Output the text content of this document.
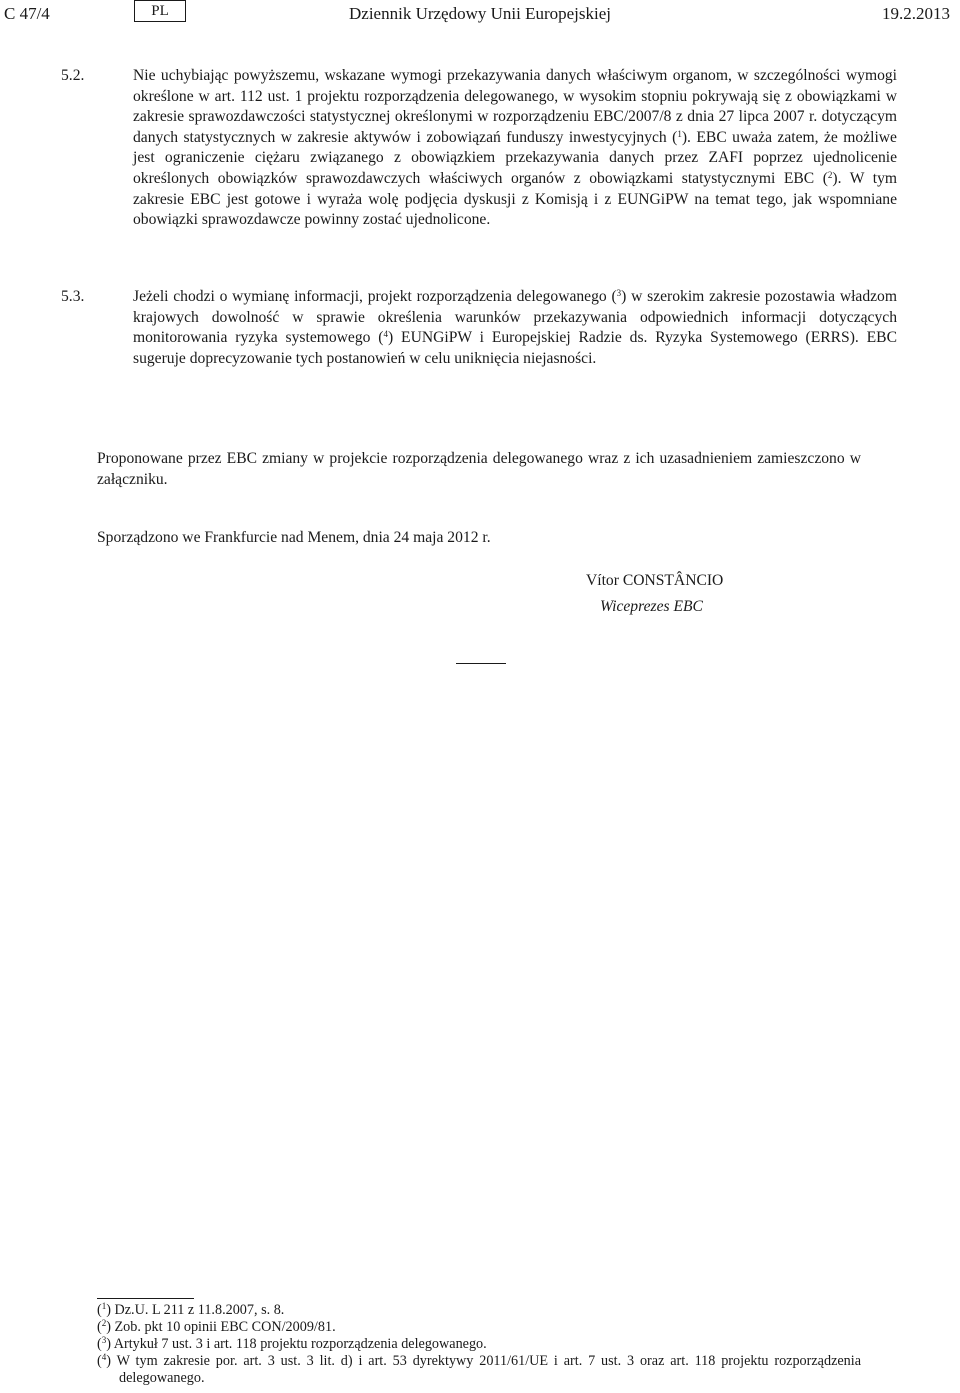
C 47/4	PL	Dziennik Urzędowy Unii Europejskiej	19.2.2013
5.2.	Nie uchybiając powyższemu, wskazane wymogi przekazywania danych właściwym organom, w szczególności wymogi określone w art. 112 ust. 1 projektu rozporządzenia delegowanego, w wysokim stopniu pokrywają się z obowiązkami w zakresie sprawozdawczości statystycznej określonymi w rozporządzeniu EBC/2007/8 z dnia 27 lipca 2007 r. dotyczącym danych statystycznych w zakresie aktywów i zobowiązań funduszy inwestycyjnych ($^1$). EBC uważa zatem, że możliwe jest ograniczenie ciężaru związanego z obowiązkiem przekazywania danych przez ZAFI poprzez ujednolicenie określonych obowiązków sprawozdawczych właściwych organów z obowiązkami statystycznymi EBC ($^2$). W tym zakresie EBC jest gotowe i wyraża wolę podjęcia dyskusji z Komisją i z EUNGiPW na temat tego, jak wspomniane obowiązki sprawozdawcze powinny zostać ujednolicone.
5.3.	Jeżeli chodzi o wymianę informacji, projekt rozporządzenia delegowanego ($^3$) w szerokim zakresie pozostawia władzom krajowych dowolność w sprawie określenia warunków przekazywania odpowiednich informacji dotyczących monitorowania ryzyka systemowego ($^4$) EUNGiPW i Europejskiej Radzie ds. Ryzyka Systemowego (ERRS). EBC sugeruje doprecyzowanie tych postanowień w celu uniknięcia niejasności.
Proponowane przez EBC zmiany w projekcie rozporządzenia delegowanego wraz z ich uzasadnieniem zamieszczono w załączniku.
Sporządzono we Frankfurcie nad Menem, dnia 24 maja 2012 r.
Vítor CONSTÂNCIO
Wiceprezes EBC
($^1$) Dz.U. L 211 z 11.8.2007, s. 8.
($^2$) Zob. pkt 10 opinii EBC CON/2009/81.
($^3$) Artykuł 7 ust. 3 i art. 118 projektu rozporządzenia delegowanego.
($^4$) W tym zakresie por. art. 3 ust. 3 lit. d) i art. 53 dyrektywy 2011/61/UE i art. 7 ust. 3 oraz art. 118 projektu rozporządzenia delegowanego.
